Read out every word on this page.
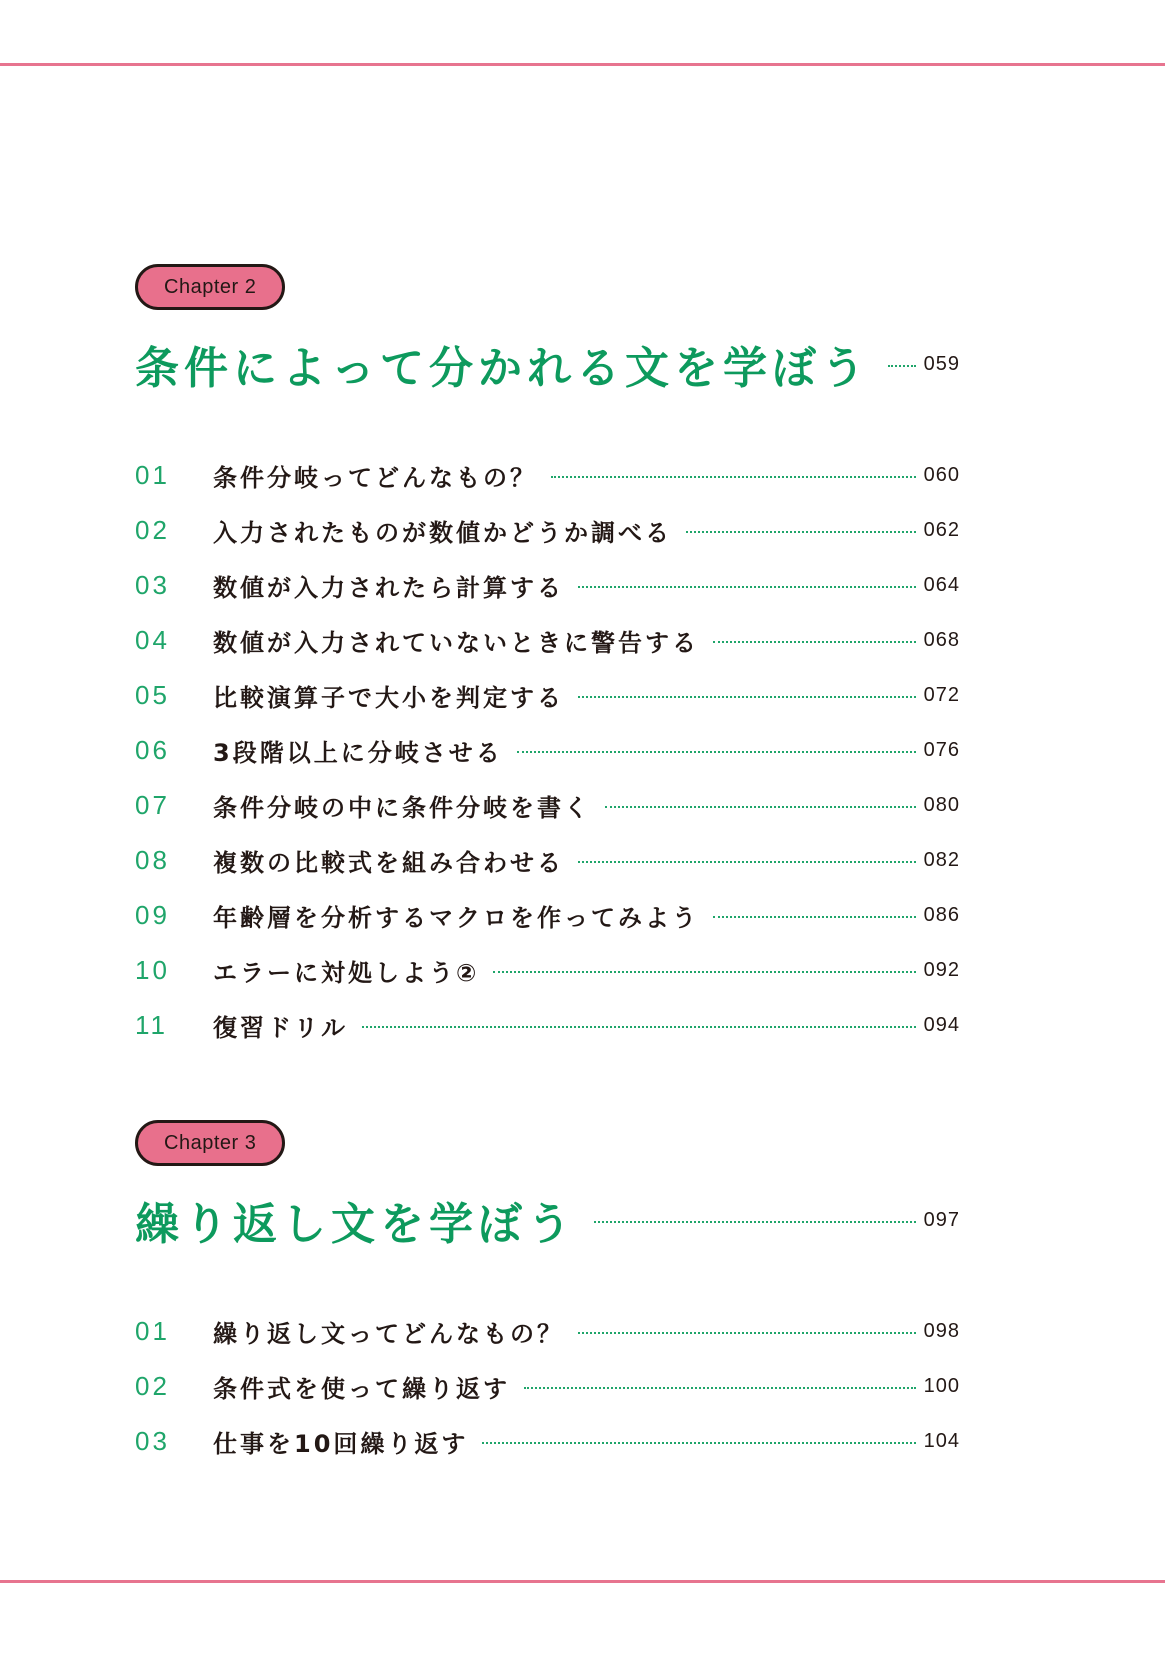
Chapter 2
条件によって分かれる文を学ぼう	059
01	条件分岐ってどんなもの？	060
02	入力されたものが数値かどうか調べる	062
03	数値が入力されたら計算する	064
04	数値が入力されていないときに警告する	068
05	比較演算子で大小を判定する	072
06	3段階以上に分岐させる	076
07	条件分岐の中に条件分岐を書く	080
08	複数の比較式を組み合わせる	082
09	年齢層を分析するマクロを作ってみよう	086
10	エラーに対処しよう②	092
11	復習ドリル	094
Chapter 3
繰り返し文を学ぼう	097
01	繰り返し文ってどんなもの？	098
02	条件式を使って繰り返す	100
03	仕事を10回繰り返す	104
